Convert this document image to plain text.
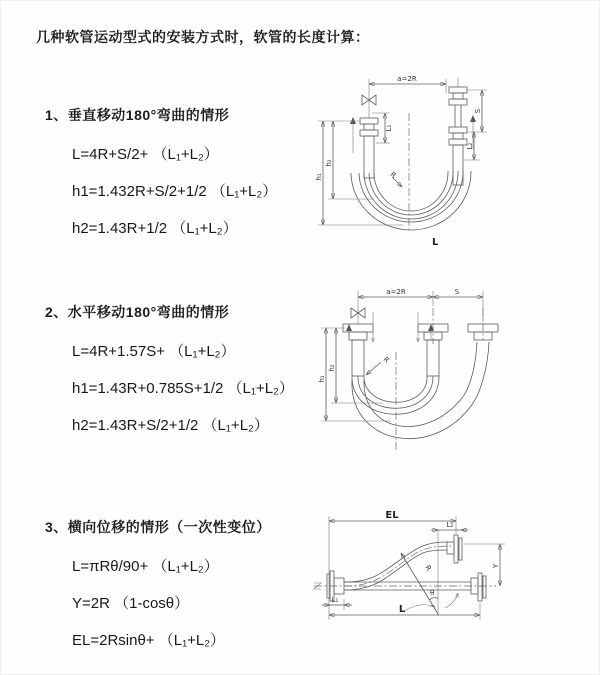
几种软管运动型式的安装方式时，软管的长度计算：
1、垂直移动180°弯曲的情形
L=4R+S/2+ （L₁+L₂）
h1=1.432R+S/2+1/2 （L₁+L₂）
h2=1.43R+1/2 （L₁+L₂）
a=2R
L₁
S
L₂
h₁
h₂
R
L
2、水平移动180°弯曲的情形
L=4R+1.57S+ （L₁+L₂）
h1=1.43R+0.785S+1/2 （L₁+L₂）
h2=1.43R+S/2+1/2 （L₁+L₂）
a=2R	S
h₁
h₂
R
3、横向位移的情形（一次性变位）
L=πRθ/90+ （L₁+L₂）
Y=2R （1-cosθ）
EL=2Rsinθ+ （L₁+L₂）
EL
L₂
Y
R
θ
L₁
L
